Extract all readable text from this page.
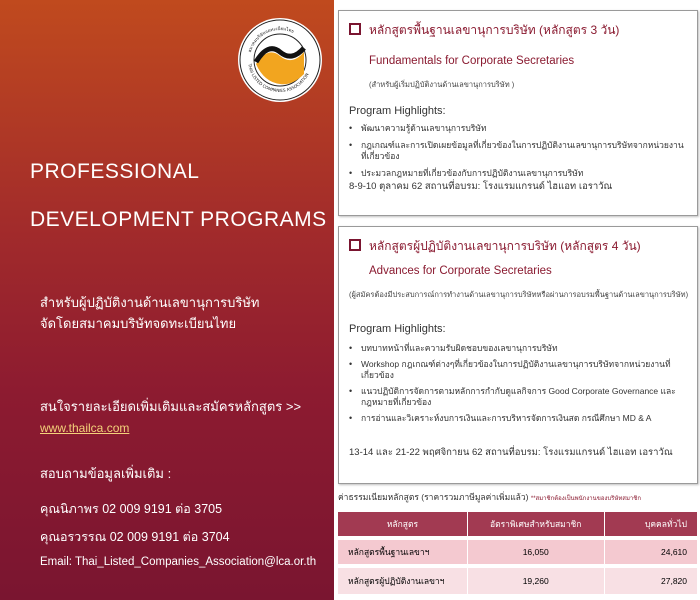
สมาคมบริษัทจดทะเบียนไทย
THAI LISTED COMPANIES ASSOCIATION
PROFESSIONAL
DEVELOPMENT PROGRAMS
สำหรับผู้ปฏิบัติงานด้านเลขานุการบริษัท
จัดโดยสมาคมบริษัทจดทะเบียนไทย
สนใจรายละเอียดเพิ่มเติมและสมัครหลักสูตร >>
www.thailca.com
สอบถามข้อมูลเพิ่มเติม :
คุณนิภาพร 02 009 9191 ต่อ 3705
คุณอรวรรณ 02 009 9191 ต่อ 3704
Email: Thai_Listed_Companies_Association@lca.or.th
หลักสูตรพื้นฐานเลขานุการบริษัท (หลักสูตร 3 วัน)
Fundamentals for Corporate Secretaries
(สำหรับผู้เริ่มปฏิบัติงานด้านเลขานุการบริษัท )
Program Highlights:
• พัฒนาความรู้ด้านเลขานุการบริษัท
• กฎเกณฑ์และการเปิดเผยข้อมูลที่เกี่ยวข้องในการปฏิบัติงานเลขานุการบริษัทจากหน่วยงานที่เกี่ยวข้อง
• ประมวลกฎหมายที่เกี่ยวข้องกับการปฏิบัติงานเลขานุการบริษัท
8-9-10 ตุลาคม 62 สถานที่อบรม: โรงแรมแกรนด์ ไฮแอท เอราวัณ
หลักสูตรผู้ปฏิบัติงานเลขานุการบริษัท (หลักสูตร 4 วัน)
Advances for Corporate Secretaries
(ผู้สมัครต้องมีประสบการณ์การทำงานด้านเลขานุการบริษัทหรือผ่านการอบรมพื้นฐานด้านเลขานุการบริษัท)
Program Highlights:
• บทบาทหน้าที่และความรับผิดชอบของเลขานุการบริษัท
• Workshop กฎเกณฑ์ต่างๆที่เกี่ยวข้องในการปฏิบัติงานเลขานุการบริษัทจากหน่วยงานที่เกี่ยวข้อง
• แนวปฏิบัติการจัดการตามหลักการกำกับดูแลกิจการ Good Corporate Governance และกฎหมายที่เกี่ยวข้อง
• การอ่านและวิเคราะห์งบการเงินและการบริหารจัดการเงินสด กรณีศึกษา MD & A
13-14 และ 21-22 พฤศจิกายน 62 สถานที่อบรม: โรงแรมแกรนด์ ไฮแอท เอราวัณ
ค่าธรรมเนียมหลักสูตร (ราคารวมภาษีมูลค่าเพิ่มแล้ว) **สมาชิกต้องเป็นพนักงานของบริษัทสมาชิก
หลักสูตร	อัตราพิเศษสำหรับสมาชิก	บุคคลทั่วไป
หลักสูตรพื้นฐานเลขาฯ	16,050	24,610
หลักสูตรผู้ปฏิบัติงานเลขาฯ	19,260	27,820
